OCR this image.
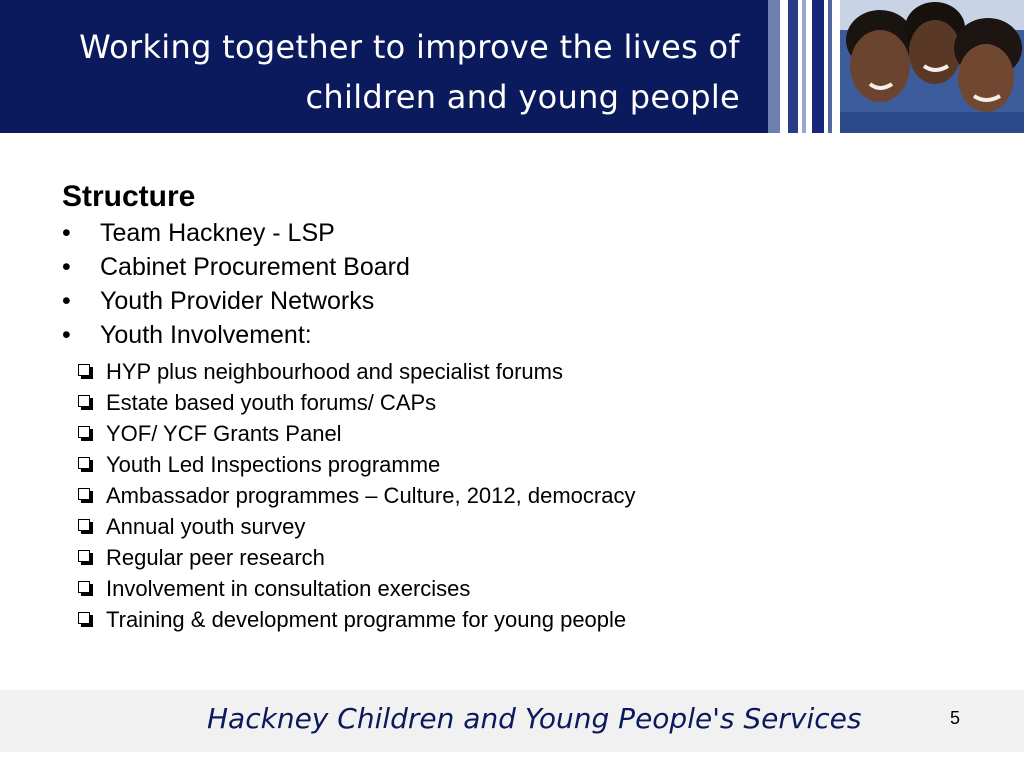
Working together to improve the lives of
children and young people
Structure
• Team Hackney - LSP
• Cabinet Procurement Board
• Youth Provider Networks
• Youth Involvement:
HYP plus neighbourhood and specialist forums
Estate based youth forums/ CAPs
YOF/ YCF Grants Panel
Youth Led Inspections programme
Ambassador programmes – Culture, 2012, democracy
Annual youth survey
Regular peer research
Involvement in consultation exercises
Training & development programme for young people
Hackney Children and Young People's Services	5
